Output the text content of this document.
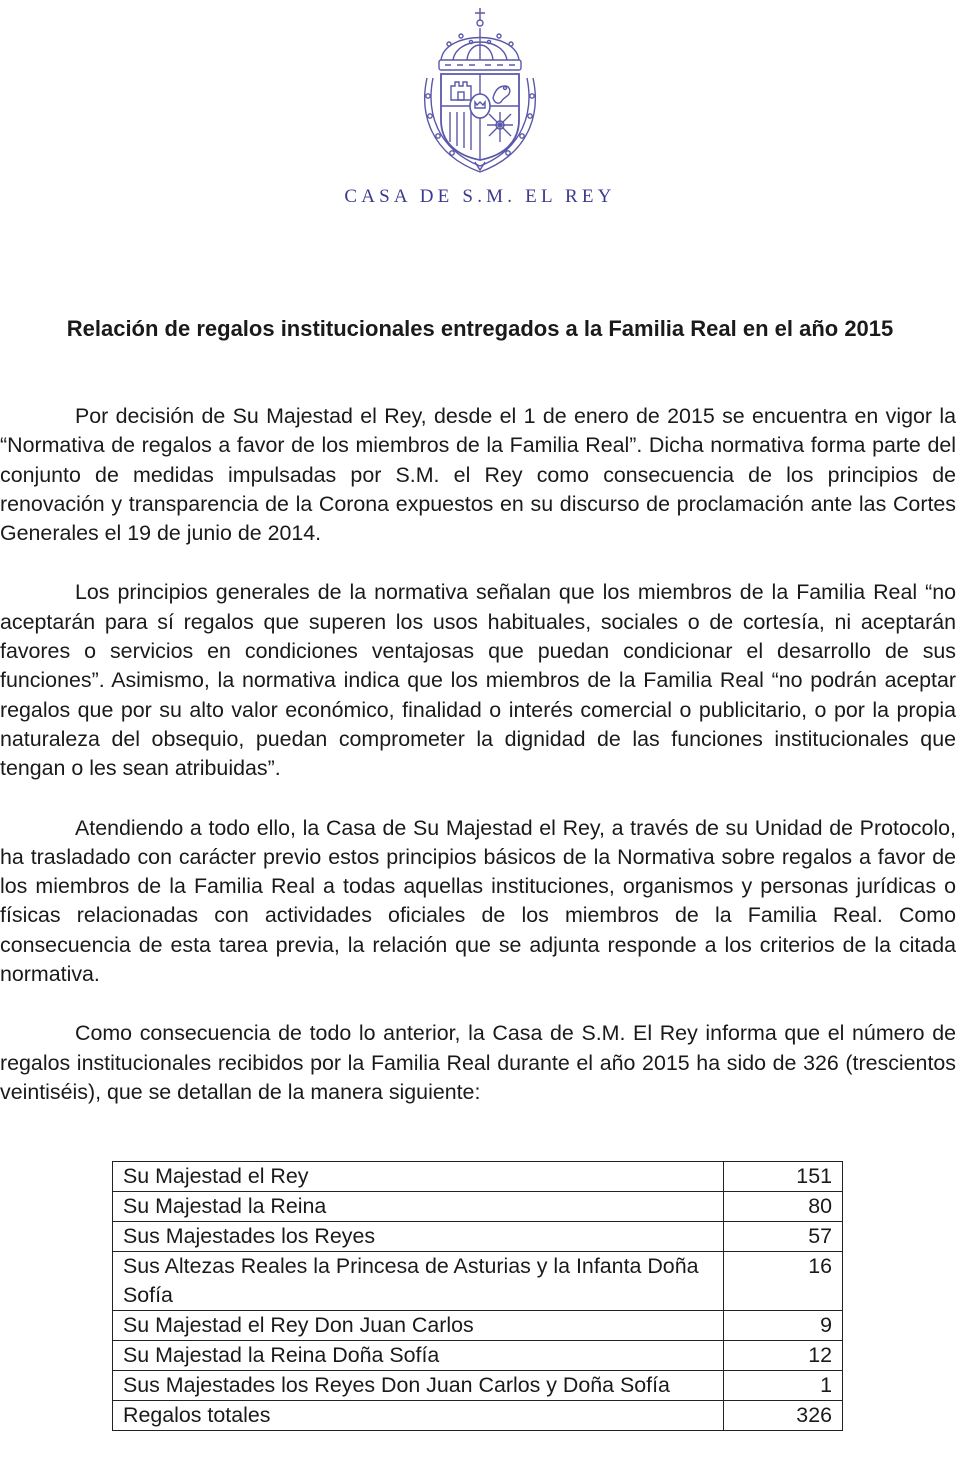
CASA DE S.M. EL REY
Relación de regalos institucionales entregados a la Familia Real en el año 2015

Por decisión de Su Majestad el Rey, desde el 1 de enero de 2015 se encuentra en vigor la “Normativa de regalos a favor de los miembros de la Familia Real”. Dicha normativa forma parte del conjunto de medidas impulsadas por S.M. el Rey como consecuencia de los principios de renovación y transparencia de la Corona expuestos en su discurso de proclamación ante las Cortes Generales el 19 de junio de 2014.

Los principios generales de la normativa señalan que los miembros de la Familia Real “no aceptarán para sí regalos que superen los usos habituales, sociales o de cortesía, ni aceptarán favores o servicios en condiciones ventajosas que puedan condicionar el desarrollo de sus funciones”. Asimismo, la normativa indica que los miembros de la Familia Real “no podrán aceptar regalos que por su alto valor económico, finalidad o interés comercial o publicitario, o por la propia naturaleza del obsequio, puedan comprometer la dignidad de las funciones institucionales que tengan o les sean atribuidas”.

Atendiendo a todo ello, la Casa de Su Majestad el Rey, a través de su Unidad de Protocolo, ha trasladado con carácter previo estos principios básicos de la Normativa sobre regalos a favor de los miembros de la Familia Real a todas aquellas instituciones, organismos y personas jurídicas o físicas relacionadas con actividades oficiales de los miembros de la Familia Real. Como consecuencia de esta tarea previa, la relación que se adjunta responde a los criterios de la citada normativa.

Como consecuencia de todo lo anterior, la Casa de S.M. El Rey informa que el número de regalos institucionales recibidos por la Familia Real durante el año 2015 ha sido de 326 (trescientos veintiséis), que se detallan de la manera siguiente:

Su Majestad el Rey	151
Su Majestad la Reina	80
Sus Majestades los Reyes	57
Sus Altezas Reales la Princesa de Asturias y la Infanta Doña Sofía	16
Su Majestad el Rey Don Juan Carlos	9
Su Majestad la Reina Doña Sofía	12
Sus Majestades los Reyes Don Juan Carlos y Doña Sofía	1
Regalos totales	326
